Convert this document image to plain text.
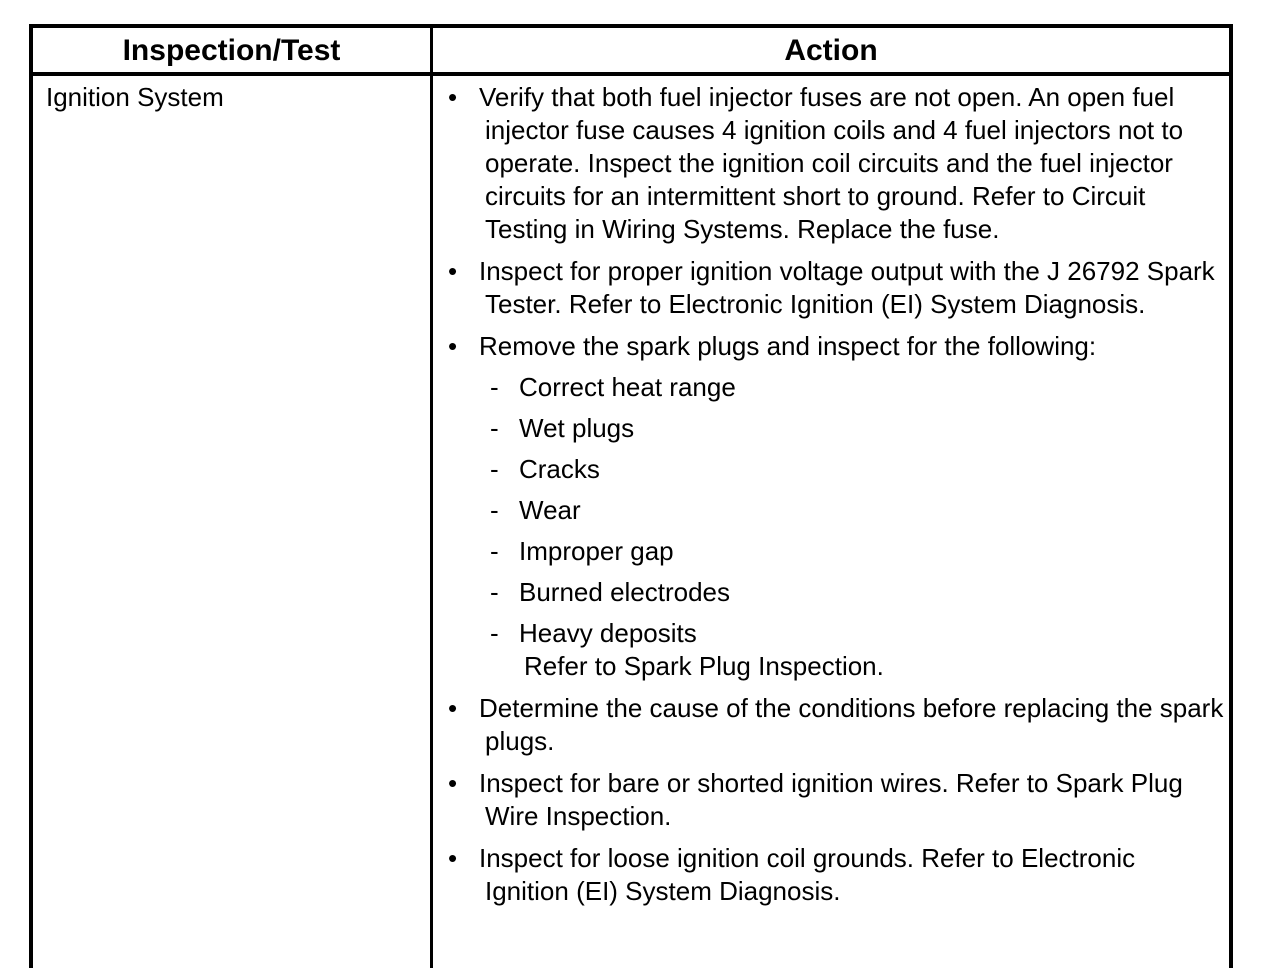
Inspection/Test	Action
Ignition System	• Verify that both fuel injector fuses are not open. An open fuel injector fuse causes 4 ignition coils and 4 fuel injectors not to operate. Inspect the ignition coil circuits and the fuel injector circuits for an intermittent short to ground. Refer to Circuit Testing in Wiring Systems. Replace the fuse.
• Inspect for proper ignition voltage output with the J 26792 Spark Tester. Refer to Electronic Ignition (EI) System Diagnosis.
• Remove the spark plugs and inspect for the following:
- Correct heat range
- Wet plugs
- Cracks
- Wear
- Improper gap
- Burned electrodes
- Heavy deposits
Refer to Spark Plug Inspection.
• Determine the cause of the conditions before replacing the spark plugs.
• Inspect for bare or shorted ignition wires. Refer to Spark Plug Wire Inspection.
• Inspect for loose ignition coil grounds. Refer to Electronic Ignition (EI) System Diagnosis.
